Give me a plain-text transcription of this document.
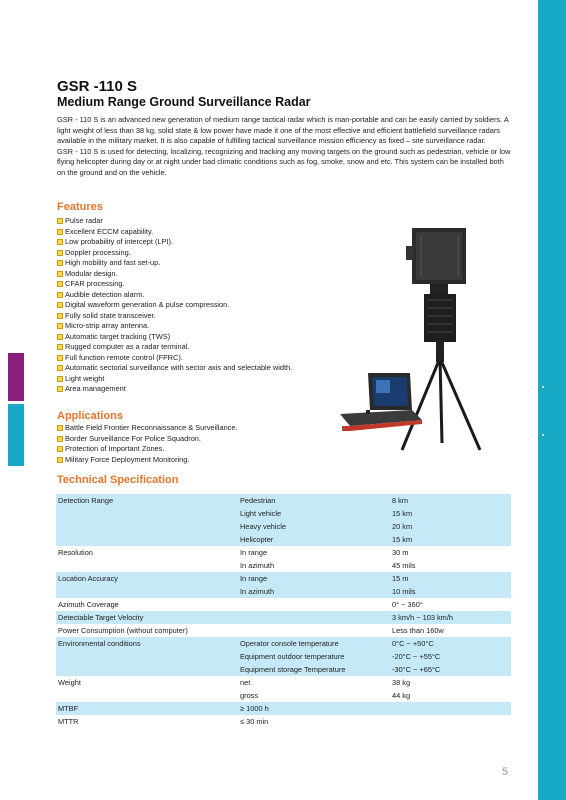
GSR -110 S
Medium Range Ground Surveillance Radar

GSR - 110 S is an advanced new generation of medium range tactical radar which is man-portable and can be easily carried by soldiers. A light weight of less than 38 kg, solid state & low power have made it one of the most effective and efficient battlefield surveillance radars available in the military market. It is also capable of fulfilling tactical surveillance mission efficiency as fixed – site surveillance radar.

GSR - 110 S is used for detecting, localizing, recognizing and tracking any moving targets on the ground such as pedestrian, vehicle or low flying helicopter during day or at night under bad climatic conditions such as fog, smoke, snow and etc. This system can be installed both on the ground and on the vehicle.

Features
Pulse radar
Excellent ECCM capability.
Low probability of intercept (LPI).
Doppler processing.
High mobility and fast set-up.
Modular design.
CFAR processing.
Audible detection alarm.
Digital waveform generation & pulse compression.
Fully solid state transceiver.
Micro-strip array antenna.
Automatic target tracking (TWS)
Rugged computer as a radar terminal.
Full function remote control (FFRC).
Automatic sectorial surveillance with sector axis and selectable width.
Light weight
Area management
Applications
Battle Field Frontier Reconnaissance & Surveillance.
Border Surveillance For Police Squadron.
Protection of Important Zones.
Military Force Deployment Monitoring.
Detection Range	Pedestrian	8 km
	Light vehicle	15 km
	Heavy vehicle	20 km
	Helicopter	15 km
Resolution	In range	30 m
	In azimuth	45 mils
Location Accuracy	In range	15 m
	In azimuth	10 mils
Azimuth Coverage		0° ~ 360°
Detectable Target Velocity		3 km/h ~ 103 km/h
Power Consumption (without computer)		Less than 160w
Environmental conditions	Operator console temperature	0°C ~ +50°C
	Equipment outdoor temperature	-20°C ~ +55°C
	Equipment storage Temperature	-30°C ~ +65°C
Weight	net	38 kg
	gross	44 kg
MTBF	≥ 1000 h	
MTTR	≤ 30 min	
Technical Specification
5
